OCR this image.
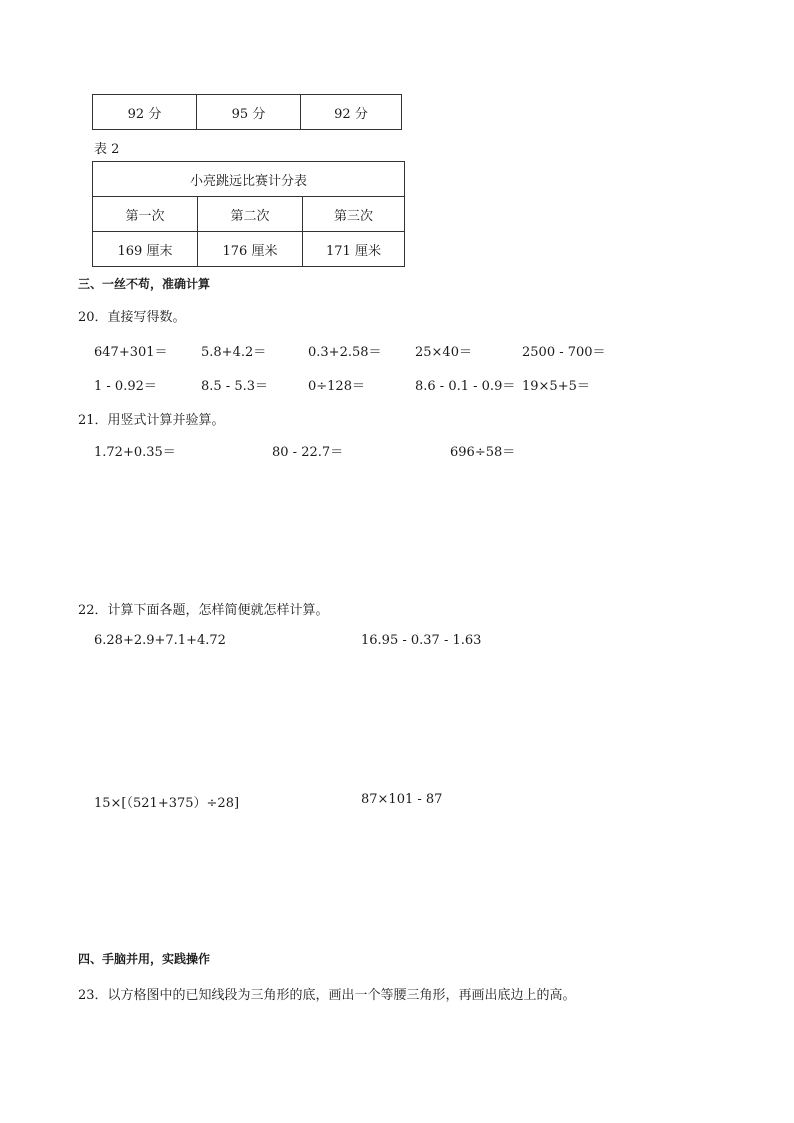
92 分	95 分	92 分
表 2
小亮跳远比赛计分表		
第一次	第二次	第三次
169 厘末	176 厘米	171 厘米
三、一丝不苟，准确计算
20．直接写得数。
647+301＝	5.8+4.2＝	0.3+2.58＝	25×40＝	2500 - 700＝
1 - 0.92＝	8.5 - 5.3＝	0÷128＝	8.6 - 0.1 - 0.9＝ 19×5+5＝
21．用竖式计算并验算。
1.72+0.35＝	80 - 22.7＝	696÷58＝
22．计算下面各题，怎样简便就怎样计算。
6.28+2.9+7.1+4.72	16.95 - 0.37 - 1.63
15×[（521+375）÷28]	87×101 - 87
四、手脑并用，实践操作
23．以方格图中的已知线段为三角形的底，画出一个等腰三角形，再画出底边上的高。
